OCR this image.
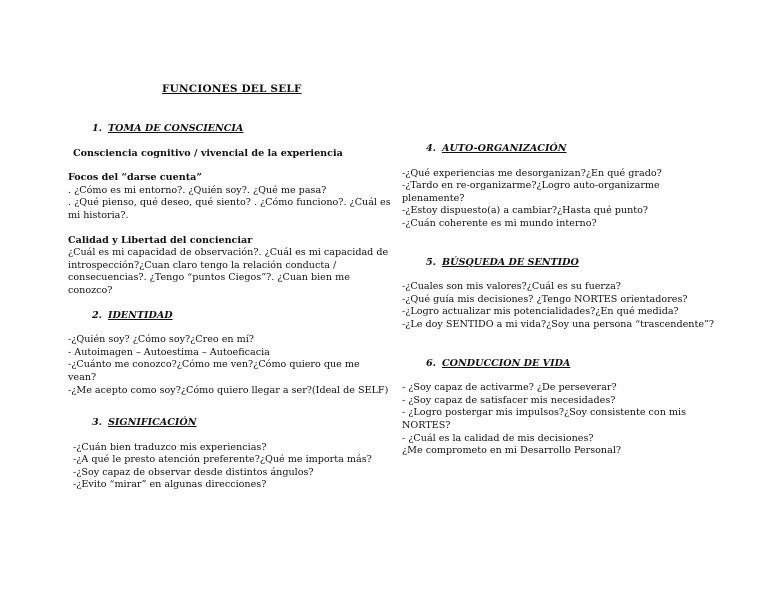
FUNCIONES DEL SELF
1. TOMA DE CONSCIENCIA
Consciencia cognitivo / vivencial de la experiencia
Focos del “darse cuenta”
. ¿Cómo es mi entorno?. ¿Quién soy?. ¿Qué me pasa?
. ¿Qué pienso, qué deseo, qué siento? . ¿Cómo funciono?. ¿Cuál es
mi historia?.
Calidad y Libertad del concienciar
¿Cuál es mi capacidad de observación?. ¿Cuál es mi capacidad de
introspección?¿Cuan claro tengo la relación conducta /
consecuencias?. ¿Tengo “puntos Ciegos”?. ¿Cuan bien me
conozco?
2. IDENTIDAD
-¿Quién soy? ¿Cómo soy?¿Creo en mí?
- Autoimagen – Autoestima – Autoeficacia
-¿Cuánto me conozco?¿Cómo me ven?¿Cómo quiero que me
vean?
-¿Me acepto como soy?¿Cómo quiero llegar a ser?(Ideal de SELF)
3. SIGNIFICACIÓN
-¿Cuán bien traduzco mis experiencias?
-¿A qué le presto atención preferente?¿Qué me importa más?
-¿Soy capaz de observar desde distintos ángulos?
-¿Evito “mirar” en algunas direcciones?
4. AUTO-ORGANIZACIÓN
-¿Qué experiencias me desorganizan?¿En qué grado?
-¿Tardo en re-organizarme?¿Logro auto-organizarme
plenamente?
-¿Estoy dispuesto(a) a cambiar?¿Hasta qué punto?
-¿Cuán coherente es mi mundo interno?
5. BÚSQUEDA DE SENTIDO
-¿Cuales son mis valores?¿Cuál es su fuerza?
-¿Qué guía mis decisiones? ¿Tengo NORTES orientadores?
-¿Logro actualizar mis potencialidades?¿En qué medida?
-¿Le doy SENTIDO a mi vida?¿Soy una persona “trascendente”?
6. CONDUCCION DE VIDA
- ¿Soy capaz de activarme? ¿De perseverar?
- ¿Soy capaz de satisfacer mis necesidades?
- ¿Logro postergar mis impulsos?¿Soy consistente con mis
NORTES?
- ¿Cuál es la calidad de mis decisiones?
¿Me comprometo en mi Desarrollo Personal?
